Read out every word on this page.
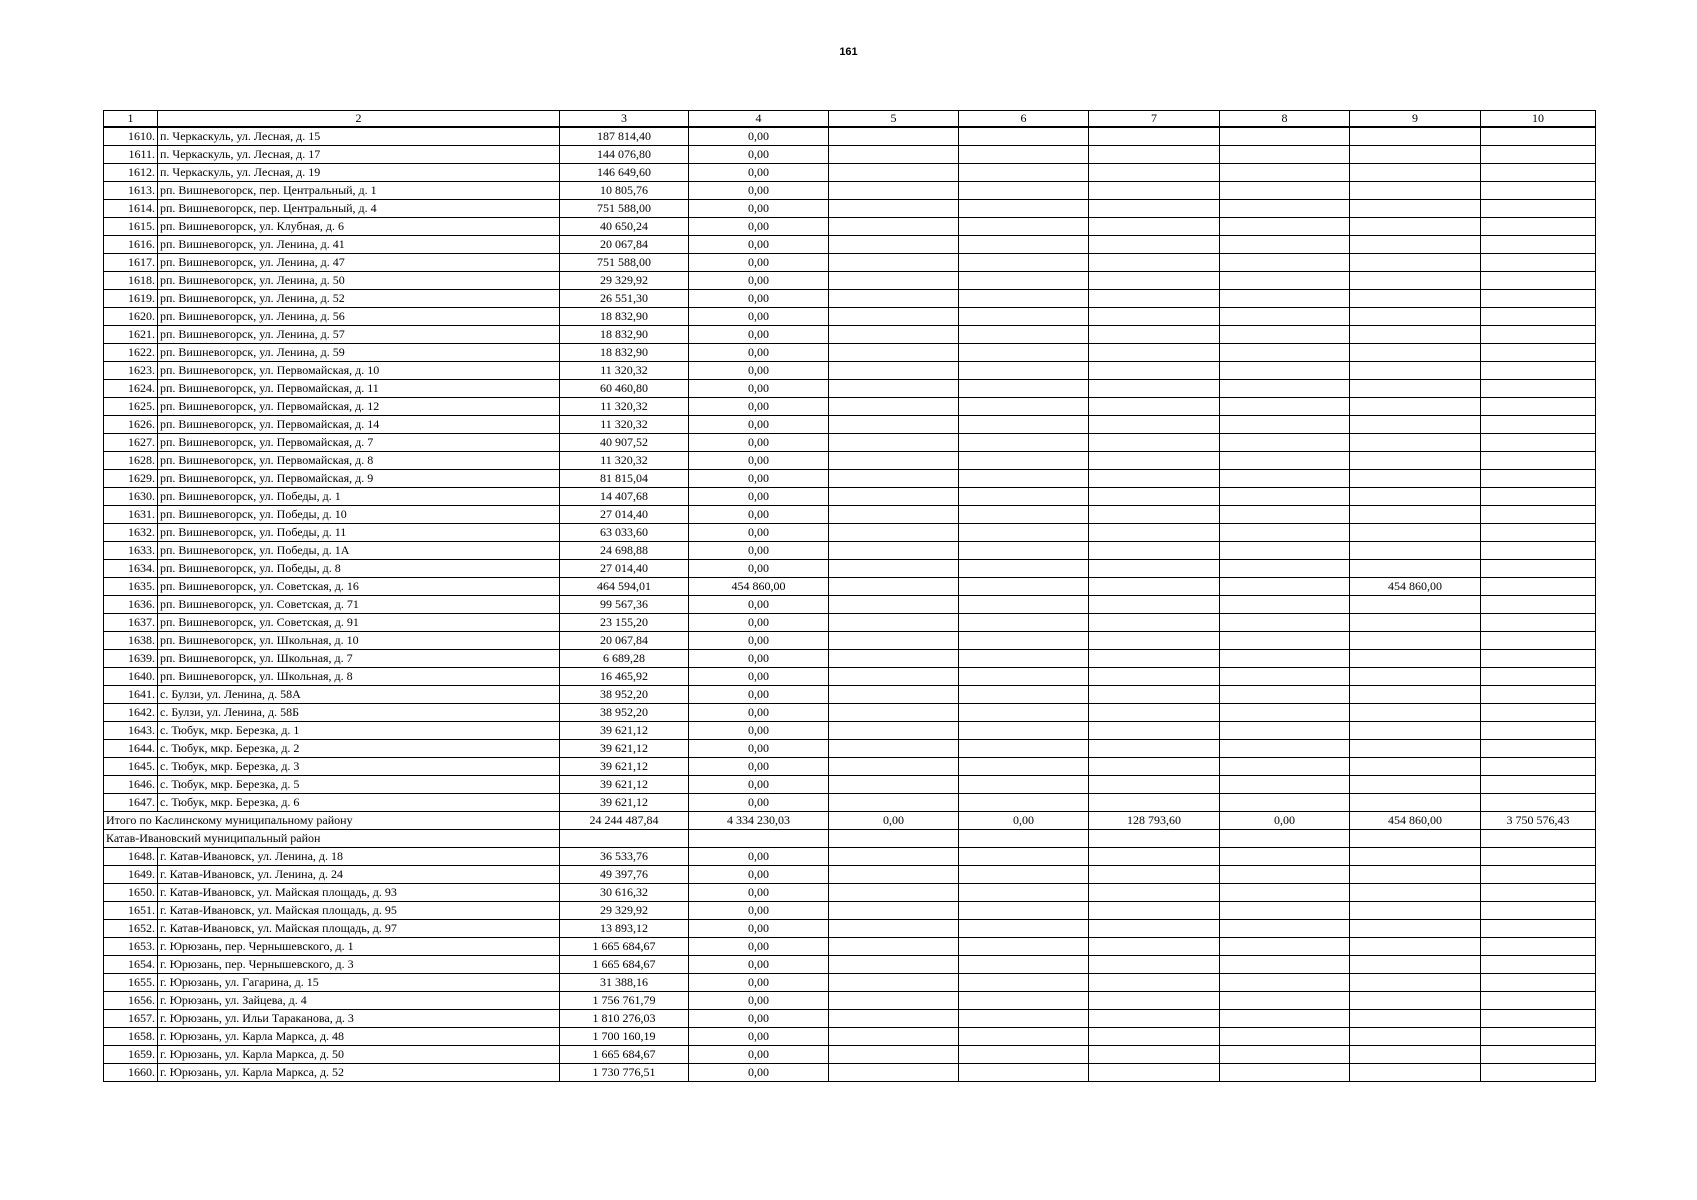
161
1	2	3	4	5	6	7	8	9	10
1610.	п. Черкаскуль, ул. Лесная, д. 15	187 814,40	0,00						
1611.	п. Черкаскуль, ул. Лесная, д. 17	144 076,80	0,00						
1612.	п. Черкаскуль, ул. Лесная, д. 19	146 649,60	0,00						
1613.	рп. Вишневогорск, пер. Центральный, д. 1	10 805,76	0,00						
1614.	рп. Вишневогорск, пер. Центральный, д. 4	751 588,00	0,00						
1615.	рп. Вишневогорск, ул. Клубная, д. 6	40 650,24	0,00						
1616.	рп. Вишневогорск, ул. Ленина, д. 41	20 067,84	0,00						
1617.	рп. Вишневогорск, ул. Ленина, д. 47	751 588,00	0,00						
1618.	рп. Вишневогорск, ул. Ленина, д. 50	29 329,92	0,00						
1619.	рп. Вишневогорск, ул. Ленина, д. 52	26 551,30	0,00						
1620.	рп. Вишневогорск, ул. Ленина, д. 56	18 832,90	0,00						
1621.	рп. Вишневогорск, ул. Ленина, д. 57	18 832,90	0,00						
1622.	рп. Вишневогорск, ул. Ленина, д. 59	18 832,90	0,00						
1623.	рп. Вишневогорск, ул. Первомайская, д. 10	11 320,32	0,00						
1624.	рп. Вишневогорск, ул. Первомайская, д. 11	60 460,80	0,00						
1625.	рп. Вишневогорск, ул. Первомайская, д. 12	11 320,32	0,00						
1626.	рп. Вишневогорск, ул. Первомайская, д. 14	11 320,32	0,00						
1627.	рп. Вишневогорск, ул. Первомайская, д. 7	40 907,52	0,00						
1628.	рп. Вишневогорск, ул. Первомайская, д. 8	11 320,32	0,00						
1629.	рп. Вишневогорск, ул. Первомайская, д. 9	81 815,04	0,00						
1630.	рп. Вишневогорск, ул. Победы, д. 1	14 407,68	0,00						
1631.	рп. Вишневогорск, ул. Победы, д. 10	27 014,40	0,00						
1632.	рп. Вишневогорск, ул. Победы, д. 11	63 033,60	0,00						
1633.	рп. Вишневогорск, ул. Победы, д. 1А	24 698,88	0,00						
1634.	рп. Вишневогорск, ул. Победы, д. 8	27 014,40	0,00						
1635.	рп. Вишневогорск, ул. Советская, д. 16	464 594,01	454 860,00					454 860,00	
1636.	рп. Вишневогорск, ул. Советская, д. 71	99 567,36	0,00						
1637.	рп. Вишневогорск, ул. Советская, д. 91	23 155,20	0,00						
1638.	рп. Вишневогорск, ул. Школьная, д. 10	20 067,84	0,00						
1639.	рп. Вишневогорск, ул. Школьная, д. 7	6 689,28	0,00						
1640.	рп. Вишневогорск, ул. Школьная, д. 8	16 465,92	0,00						
1641.	с. Булзи, ул. Ленина, д. 58А	38 952,20	0,00						
1642.	с. Булзи, ул. Ленина, д. 58Б	38 952,20	0,00						
1643.	с. Тюбук, мкр. Березка, д. 1	39 621,12	0,00						
1644.	с. Тюбук, мкр. Березка, д. 2	39 621,12	0,00						
1645.	с. Тюбук, мкр. Березка, д. 3	39 621,12	0,00						
1646.	с. Тюбук, мкр. Березка, д. 5	39 621,12	0,00						
1647.	с. Тюбук, мкр. Березка, д. 6	39 621,12	0,00						
Итого по Каслинскому муниципальному району		24 244 487,84	4 334 230,03	0,00	0,00	128 793,60	0,00	454 860,00	3 750 576,43
Катав-Ивановский муниципальный район									
1648.	г. Катав-Ивановск, ул. Ленина, д. 18	36 533,76	0,00						
1649.	г. Катав-Ивановск, ул. Ленина, д. 24	49 397,76	0,00						
1650.	г. Катав-Ивановск, ул. Майская площадь, д. 93	30 616,32	0,00						
1651.	г. Катав-Ивановск, ул. Майская площадь, д. 95	29 329,92	0,00						
1652.	г. Катав-Ивановск, ул. Майская площадь, д. 97	13 893,12	0,00						
1653.	г. Юрюзань, пер. Чернышевского, д. 1	1 665 684,67	0,00						
1654.	г. Юрюзань, пер. Чернышевского, д. 3	1 665 684,67	0,00						
1655.	г. Юрюзань, ул. Гагарина, д. 15	31 388,16	0,00						
1656.	г. Юрюзань, ул. Зайцева, д. 4	1 756 761,79	0,00						
1657.	г. Юрюзань, ул. Ильи Тараканова, д. 3	1 810 276,03	0,00						
1658.	г. Юрюзань, ул. Карла Маркса, д. 48	1 700 160,19	0,00						
1659.	г. Юрюзань, ул. Карла Маркса, д. 50	1 665 684,67	0,00						
1660.	г. Юрюзань, ул. Карла Маркса, д. 52	1 730 776,51	0,00						
